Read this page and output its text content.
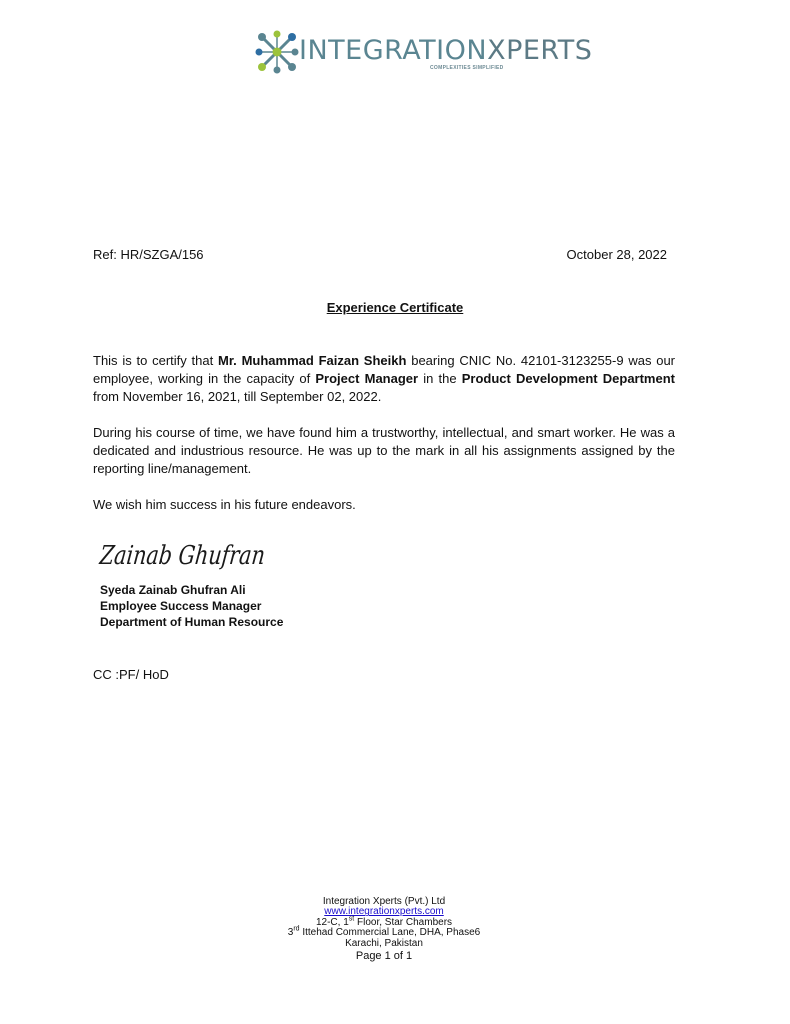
INTEGRATIONXPERTS
COMPLEXITIES SIMPLIFIED
Ref: HR/SZGA/156	October 28, 2022
Experience Certificate

This is to certify that Mr. Muhammad Faizan Sheikh bearing CNIC No. 42101-3123255-9 was our employee, working in the capacity of Project Manager in the Product Development Department from November 16, 2021, till September 02, 2022.

During his course of time, we have found him a trustworthy, intellectual, and smart worker. He was a dedicated and industrious resource. He was up to the mark in all his assignments assigned by the reporting line/management.

We wish him success in his future endeavors.

Zainab Ghufran
Syeda Zainab Ghufran Ali
Employee Success Manager
Department of Human Resource
CC :PF/ HoD
Integration Xperts (Pvt.) Ltd
www.integrationxperts.com
12-C, 1st Floor, Star Chambers
3rd Ittehad Commercial Lane, DHA, Phase6
Karachi, Pakistan
Page 1 of 1
